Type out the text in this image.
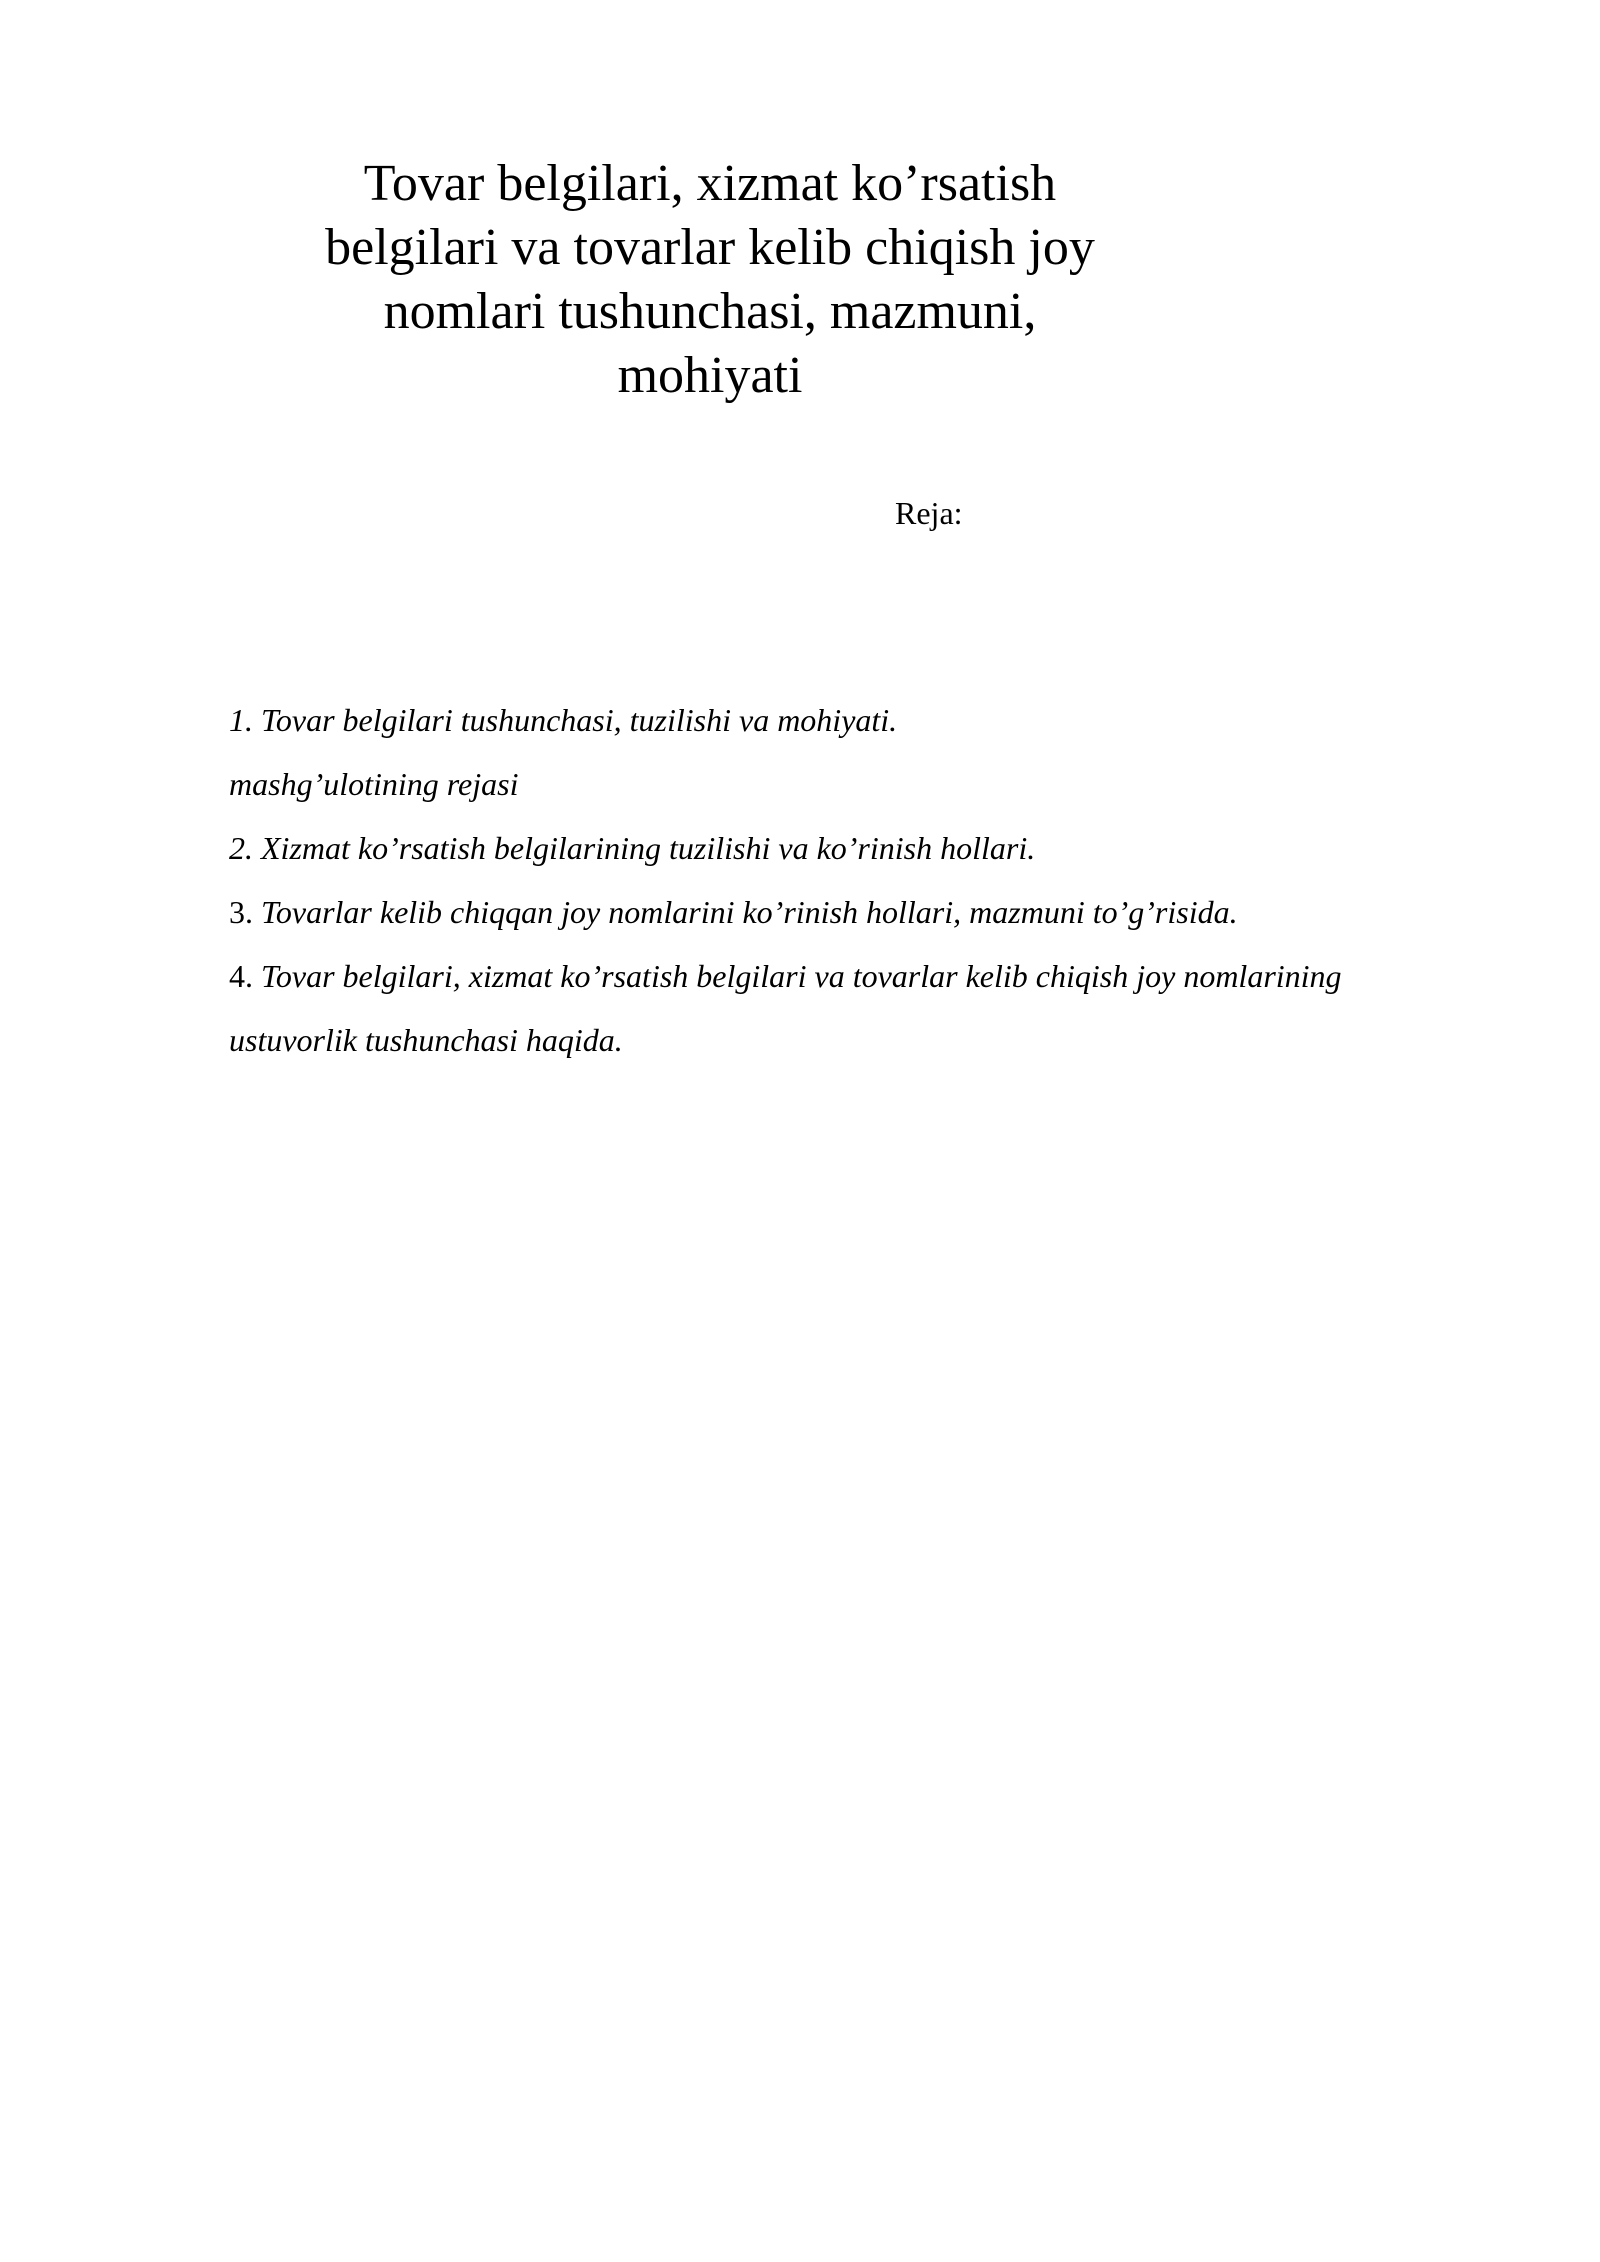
Tovar belgilari, xizmat ko’rsatish belgilari va tovarlar kelib chiqish joy nomlari tushunchasi, mazmuni, mohiyati

Reja:

1. Tovar belgilari tushunchasi, tuzilishi va mohiyati.
mashg’ulotining rejasi
2. Xizmat ko’rsatish belgilarining tuzilishi va ko’rinish hollari.
3. Tovarlar kelib chiqqan joy nomlarini ko’rinish hollari, mazmuni to’g’risida.
4. Tovar belgilari, xizmat ko’rsatish belgilari va tovarlar kelib chiqish joy nomlarining ustuvorlik tushunchasi haqida.
